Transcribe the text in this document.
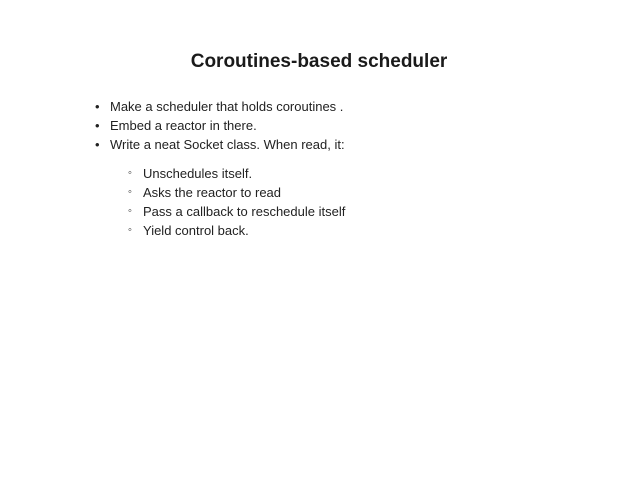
Coroutines-based scheduler
• Make a scheduler that holds coroutines .
• Embed a reactor in there.
• Write a neat Socket class. When read, it:
◦ Unschedules itself.
◦ Asks the reactor to read
◦ Pass a callback to reschedule itself
◦ Yield control back.
